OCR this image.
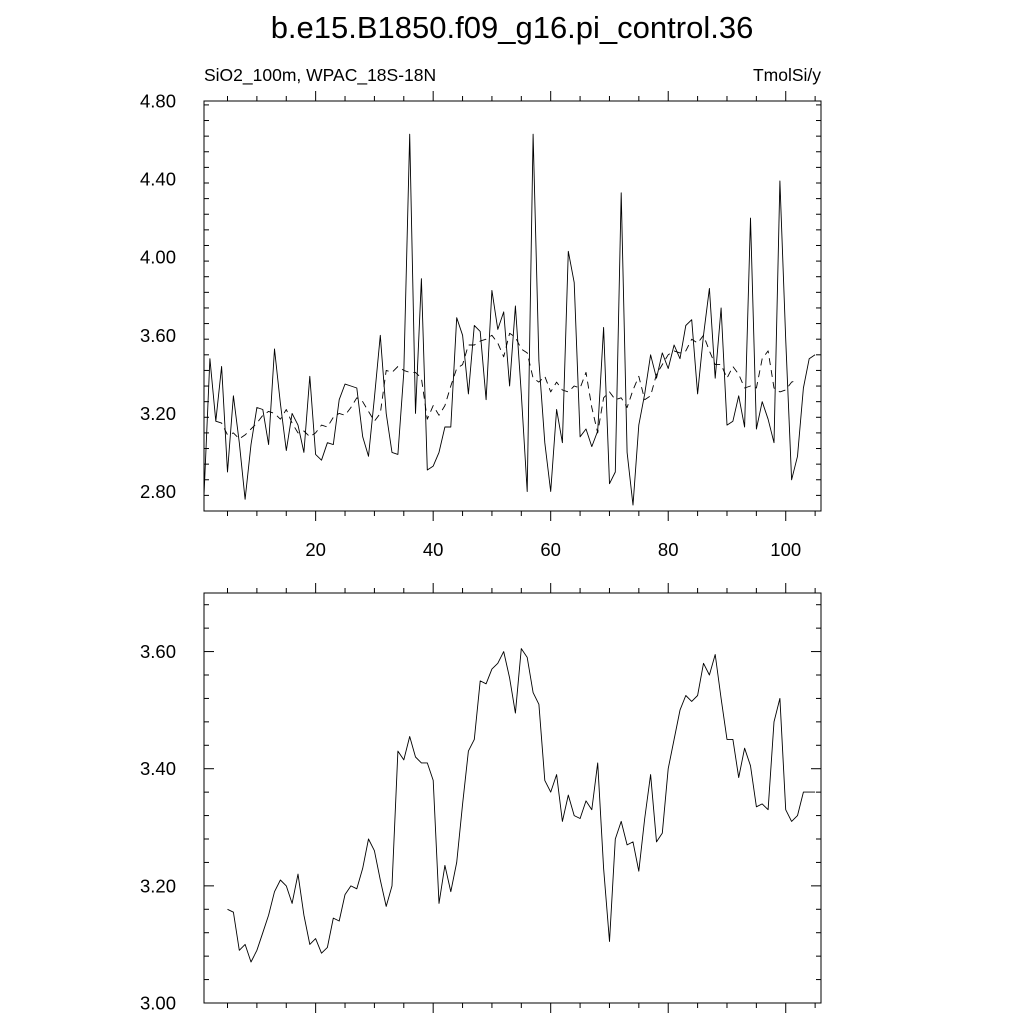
b.e15.B1850.f09_g16.pi_control.36
SiO2_100m, WPAC_18S-18N	TmolSi/y
2.80
3.20
3.60
4.00
4.40
4.80
20	40	60	80	100
3.00
3.20
3.40
3.60
